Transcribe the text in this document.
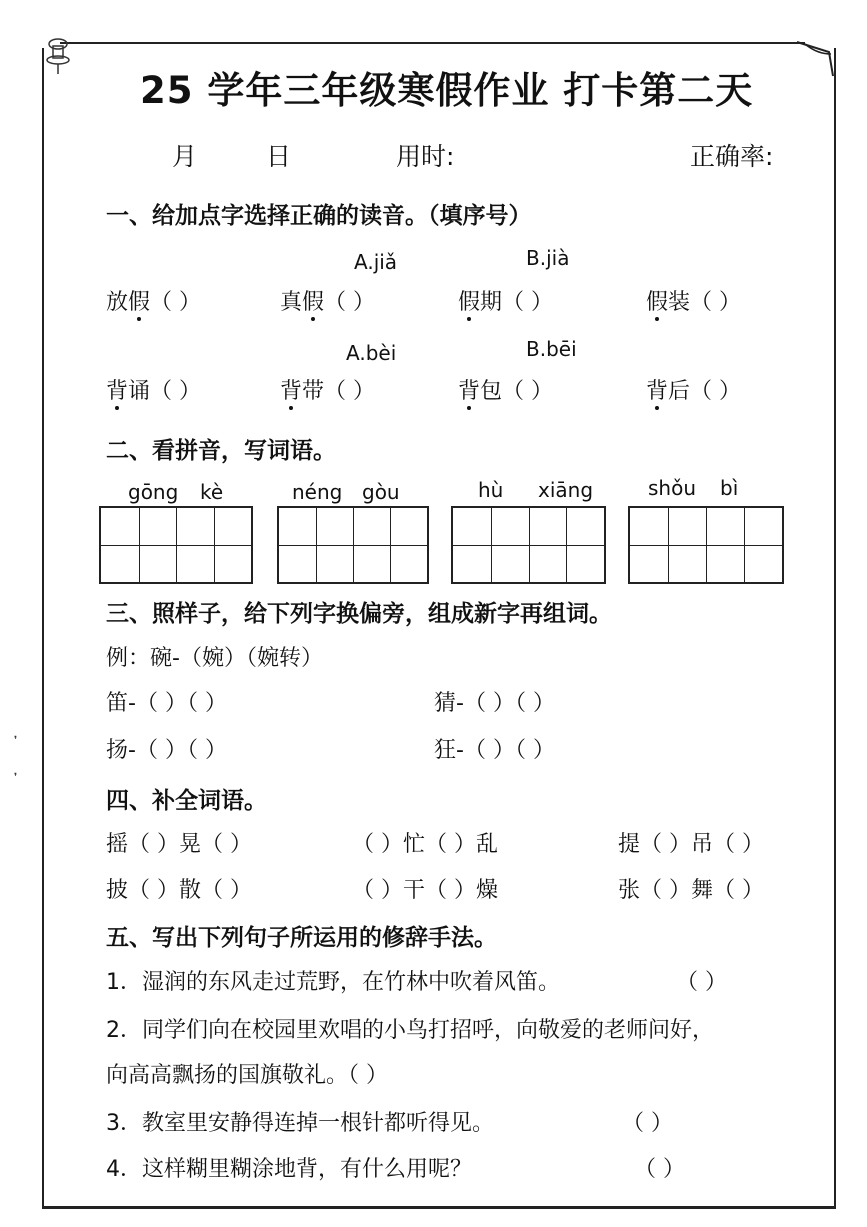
❜
❜
25 学年三年级寒假作业 打卡第二天
月	日	用时:	正确率:
一、给加点字选择正确的读音。（填序号）
A.jiǎ	B.jià
放假（ ）	真假（ ）	假期（ ）	假装（ ）
A.bèi	B.bēi
背诵（ ）	背带（ ）	背包（ ）	背后（ ）
二、看拼音，写词语。
gōng kè	néng gòu	hù xiāng	shǒu bì
三、照样子，给下列字换偏旁，组成新字再组词。
例：碗-（婉）（婉转）
笛-（ ）（ ）	猜-（ ）（ ）
扬-（ ）（ ）	狂-（ ）（ ）
四、补全词语。
摇（ ）晃（ ）	（ ）忙（ ）乱	提（ ）吊（ ）
披（ ）散（ ）	（ ）干（ ）燥	张（ ）舞（ ）
五、写出下列句子所运用的修辞手法。
1．湿润的东风走过荒野，在竹林中吹着风笛。	（ ）
2．同学们向在校园里欢唱的小鸟打招呼，向敬爱的老师问好，
向高高飘扬的国旗敬礼。（ ）
3．教室里安静得连掉一根针都听得见。	（ ）
4．这样糊里糊涂地背，有什么用呢？	（ ）
